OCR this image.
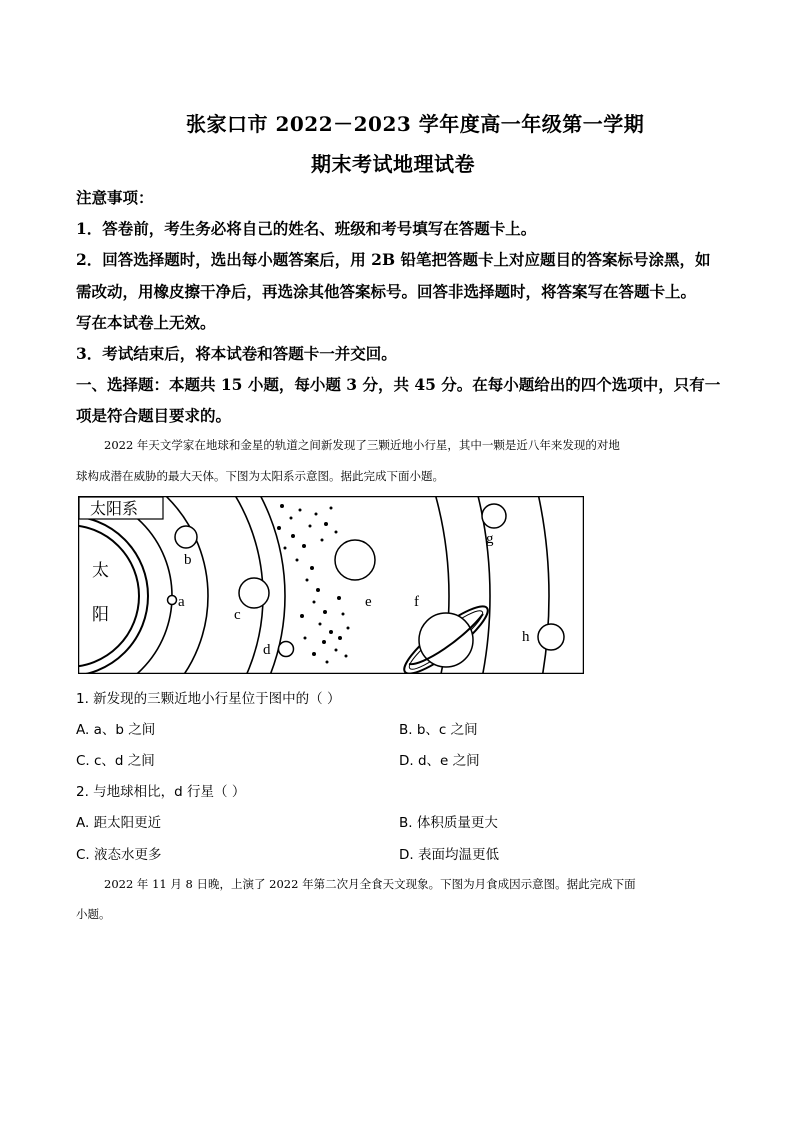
张家口市 2022－2023 学年度高一年级第一学期
期末考试地理试卷
注意事项：
1．答卷前，考生务必将自己的姓名、班级和考号填写在答题卡上。
2．回答选择题时，选出每小题答案后，用 2B 铅笔把答题卡上对应题目的答案标号涂黑，如
需改动，用橡皮擦干净后，再选涂其他答案标号。回答非选择题时，将答案写在答题卡上。
写在本试卷上无效。
3．考试结束后，将本试卷和答题卡一并交回。
一、选择题：本题共 15 小题，每小题 3 分，共 45 分。在每小题给出的四个选项中，只有一
项是符合题目要求的。
2022 年天文学家在地球和金星的轨道之间新发现了三颗近地小行星，其中一颗是近八年来发现的对地
球构成潜在威胁的最大天体。下图为太阳系示意图。据此完成下面小题。
太阳系
太
阳
a
b
c
d
e	f
g
h
1. 新发现的三颗近地小行星位于图中的（ ）
A. a、b 之间	B. b、c 之间
C. c、d 之间	D. d、e 之间
2. 与地球相比，d 行星（ ）
A. 距太阳更近	B. 体积质量更大
C. 液态水更多	D. 表面均温更低
2022 年 11 月 8 日晚，上演了 2022 年第二次月全食天文现象。下图为月食成因示意图。据此完成下面
小题。
